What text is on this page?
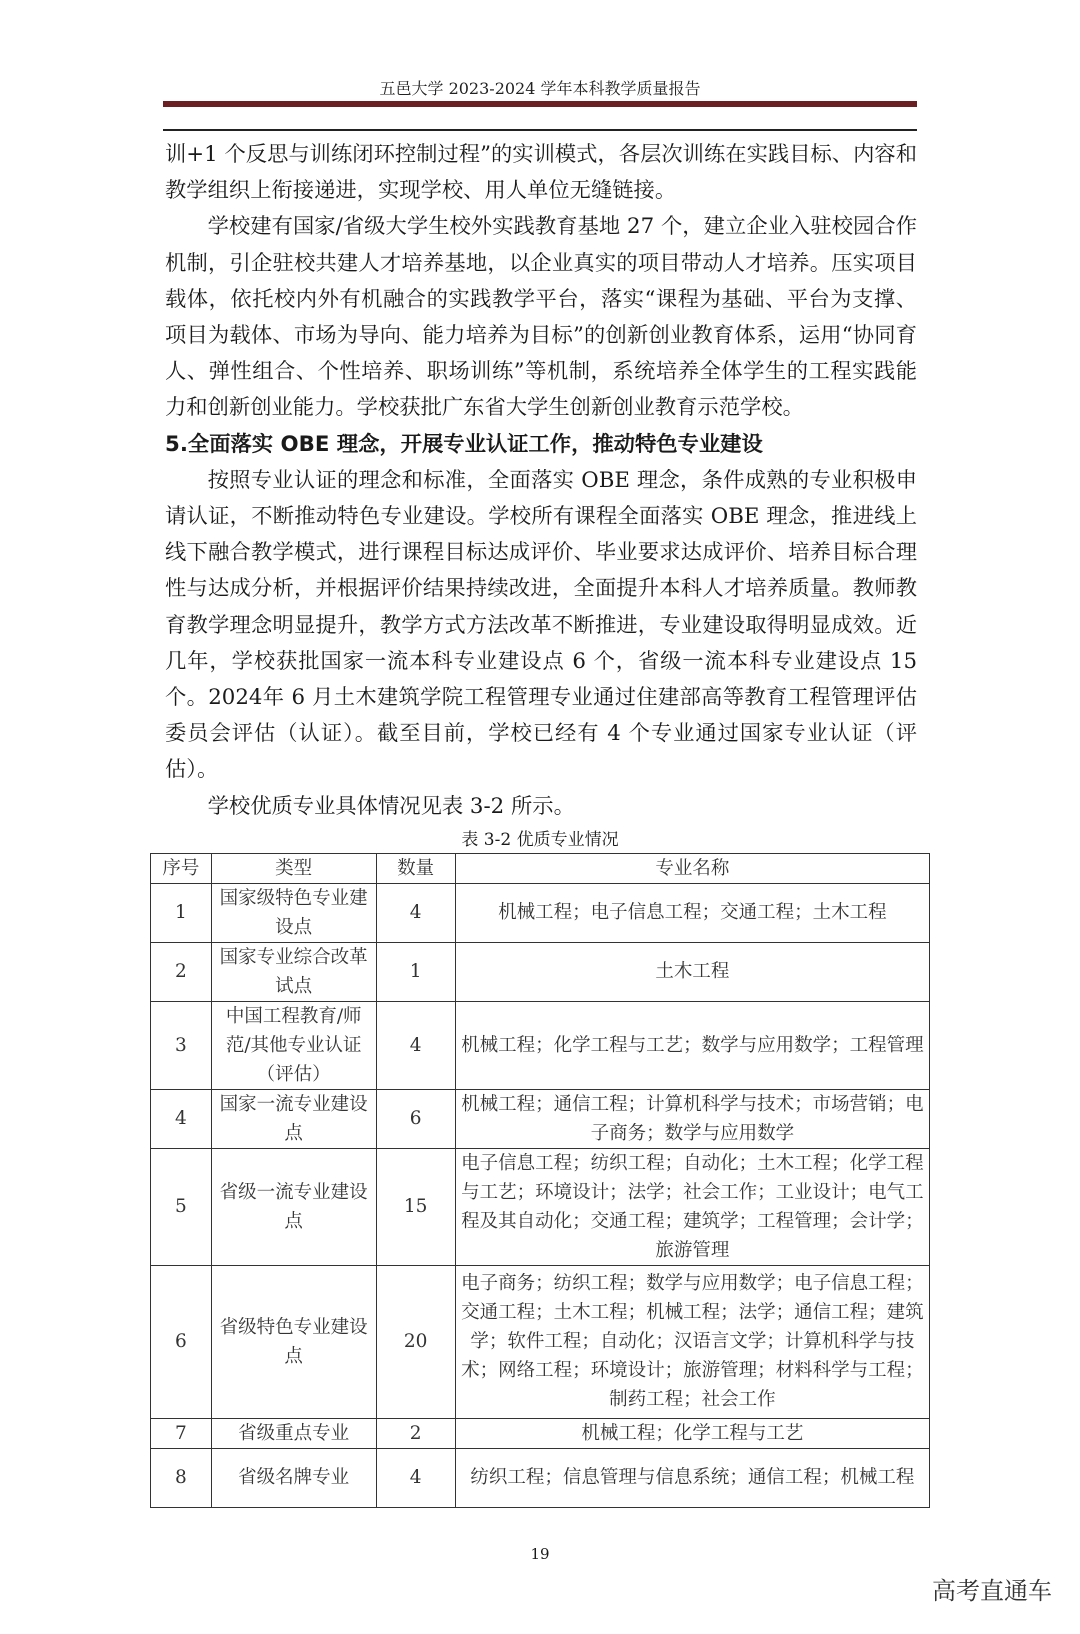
五邑大学 2023-2024 学年本科教学质量报告

训+1 个反思与训练闭环控制过程”的实训模式，各层次训练在实践目标、内容和教学组织上衔接递进，实现学校、用人单位无缝链接。

学校建有国家/省级大学生校外实践教育基地 27 个，建立企业入驻校园合作机制，引企驻校共建人才培养基地，以企业真实的项目带动人才培养。压实项目载体，依托校内外有机融合的实践教学平台，落实“课程为基础、平台为支撑、项目为载体、市场为导向、能力培养为目标”的创新创业教育体系，运用“协同育人、弹性组合、个性培养、职场训练”等机制，系统培养全体学生的工程实践能力和创新创业能力。学校获批广东省大学生创新创业教育示范学校。

5.全面落实 OBE 理念，开展专业认证工作，推动特色专业建设

按照专业认证的理念和标准，全面落实 OBE 理念，条件成熟的专业积极申请认证，不断推动特色专业建设。学校所有课程全面落实 OBE 理念，推进线上线下融合教学模式，进行课程目标达成评价、毕业要求达成评价、培养目标合理性与达成分析，并根据评价结果持续改进，全面提升本科人才培养质量。教师教育教学理念明显提升，教学方式方法改革不断推进，专业建设取得明显成效。近几年，学校获批国家一流本科专业建设点 6 个，省级一流本科专业建设点 15 个。2024年 6 月土木建筑学院工程管理专业通过住建部高等教育工程管理评估委员会评估（认证）。截至目前，学校已经有 4 个专业通过国家专业认证（评估）。

学校优质专业具体情况见表 3-2 所示。

表 3-2 优质专业情况
序号	类型	数量	专业名称
1	国家级特色专业建设点	4	机械工程；电子信息工程；交通工程；土木工程
2	国家专业综合改革试点	1	土木工程
3	中国工程教育/师范/其他专业认证（评估）	4	机械工程；化学工程与工艺；数学与应用数学；工程管理
4	国家一流专业建设点	6	机械工程；通信工程；计算机科学与技术；市场营销；电子商务；数学与应用数学
5	省级一流专业建设点	15	电子信息工程；纺织工程；自动化；土木工程；化学工程与工艺；环境设计；法学；社会工作；工业设计；电气工程及其自动化；交通工程；建筑学；工程管理；会计学；旅游管理
6	省级特色专业建设点	20	电子商务；纺织工程；数学与应用数学；电子信息工程；交通工程；土木工程；机械工程；法学；通信工程；建筑学；软件工程；自动化；汉语言文学；计算机科学与技术；网络工程；环境设计；旅游管理；材料科学与工程；制药工程；社会工作
7	省级重点专业	2	机械工程；化学工程与工艺
8	省级名牌专业	4	纺织工程；信息管理与信息系统；通信工程；机械工程
19
高考直通车
